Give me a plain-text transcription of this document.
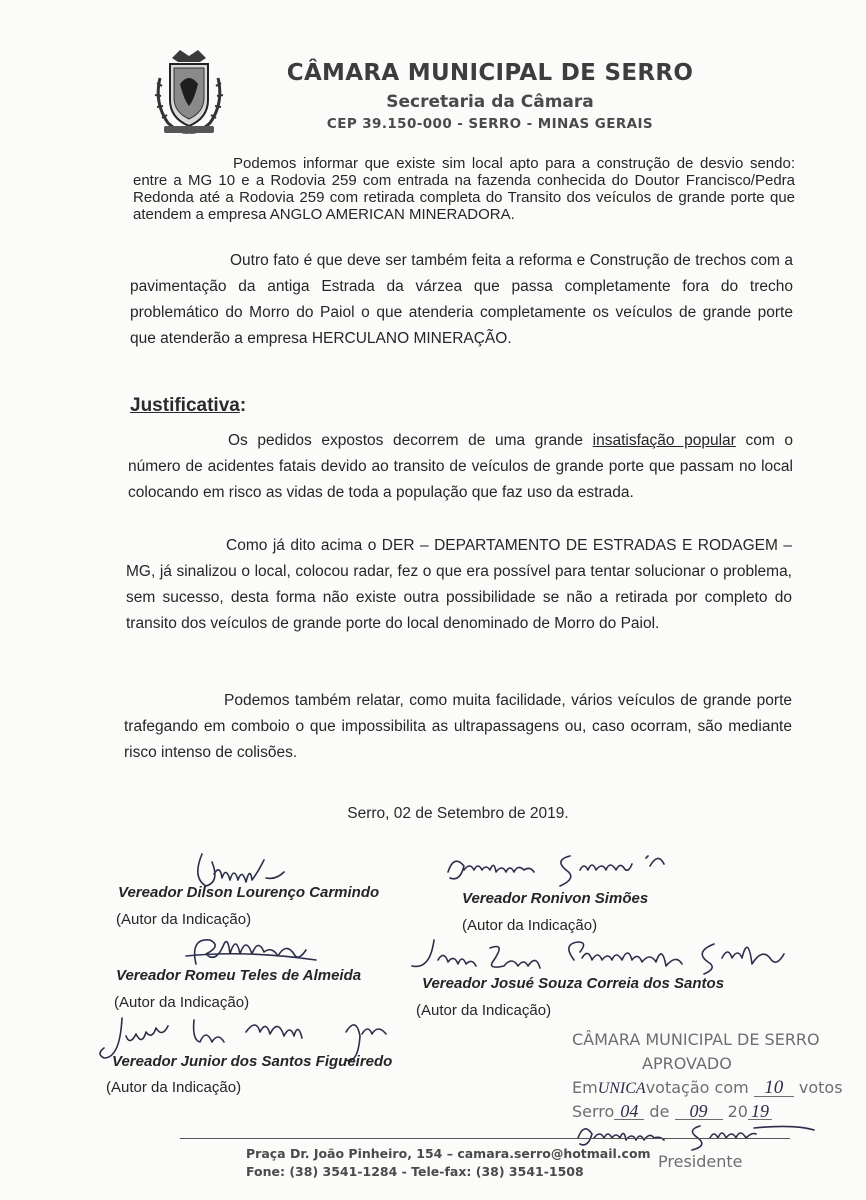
CÂMARA MUNICIPAL DE SERRO
Secretaria da Câmara
CEP 39.150-000 - SERRO - MINAS GERAIS
Podemos informar que existe sim local apto para a construção de desvio sendo: entre a MG 10 e a Rodovia 259 com entrada na fazenda conhecida do Doutor Francisco/Pedra Redonda até a Rodovia 259 com retirada completa do Transito dos veículos de grande porte que atendem a empresa ANGLO AMERICAN MINERADORA.
Outro fato é que deve ser também feita a reforma e Construção de trechos com a pavimentação da antiga Estrada da várzea que passa completamente fora do trecho problemático do Morro do Paiol o que atenderia completamente os veículos de grande porte que atenderão a empresa HERCULANO MINERAÇÃO.
Justificativa:
Os pedidos expostos decorrem de uma grande insatisfação popular com o número de acidentes fatais devido ao transito de veículos de grande porte que passam no local colocando em risco as vidas de toda a população que faz uso da estrada.
Como já dito acima o DER – DEPARTAMENTO DE ESTRADAS E RODAGEM – MG, já sinalizou o local, colocou radar, fez o que era possível para tentar solucionar o problema, sem sucesso, desta forma não existe outra possibilidade se não a retirada por completo do transito dos veículos de grande porte do local denominado de Morro do Paiol.
Podemos também relatar, como muita facilidade, vários veículos de grande porte trafegando em comboio o que impossibilita as ultrapassagens ou, caso ocorram, são mediante risco intenso de colisões.
Serro, 02 de Setembro de 2019.
Vereador Dilson Lourenço Carmindo
(Autor da Indicação)
Vereador Ronivon Simões
(Autor da Indicação)
Vereador Romeu Teles de Almeida
(Autor da Indicação)
Vereador Josué Souza Correia dos Santos
(Autor da Indicação)
Vereador Junior dos Santos Figueiredo
(Autor da Indicação)
CÂMARA MUNICIPAL DE SERRO
APROVADO
EmUNICAvotação com 10 votos
Serro 04 de 09 20 19
Presidente
Praça Dr. João Pinheiro, 154 – camara.serro@hotmail.com
Fone: (38) 3541-1284 - Tele-fax: (38) 3541-1508
